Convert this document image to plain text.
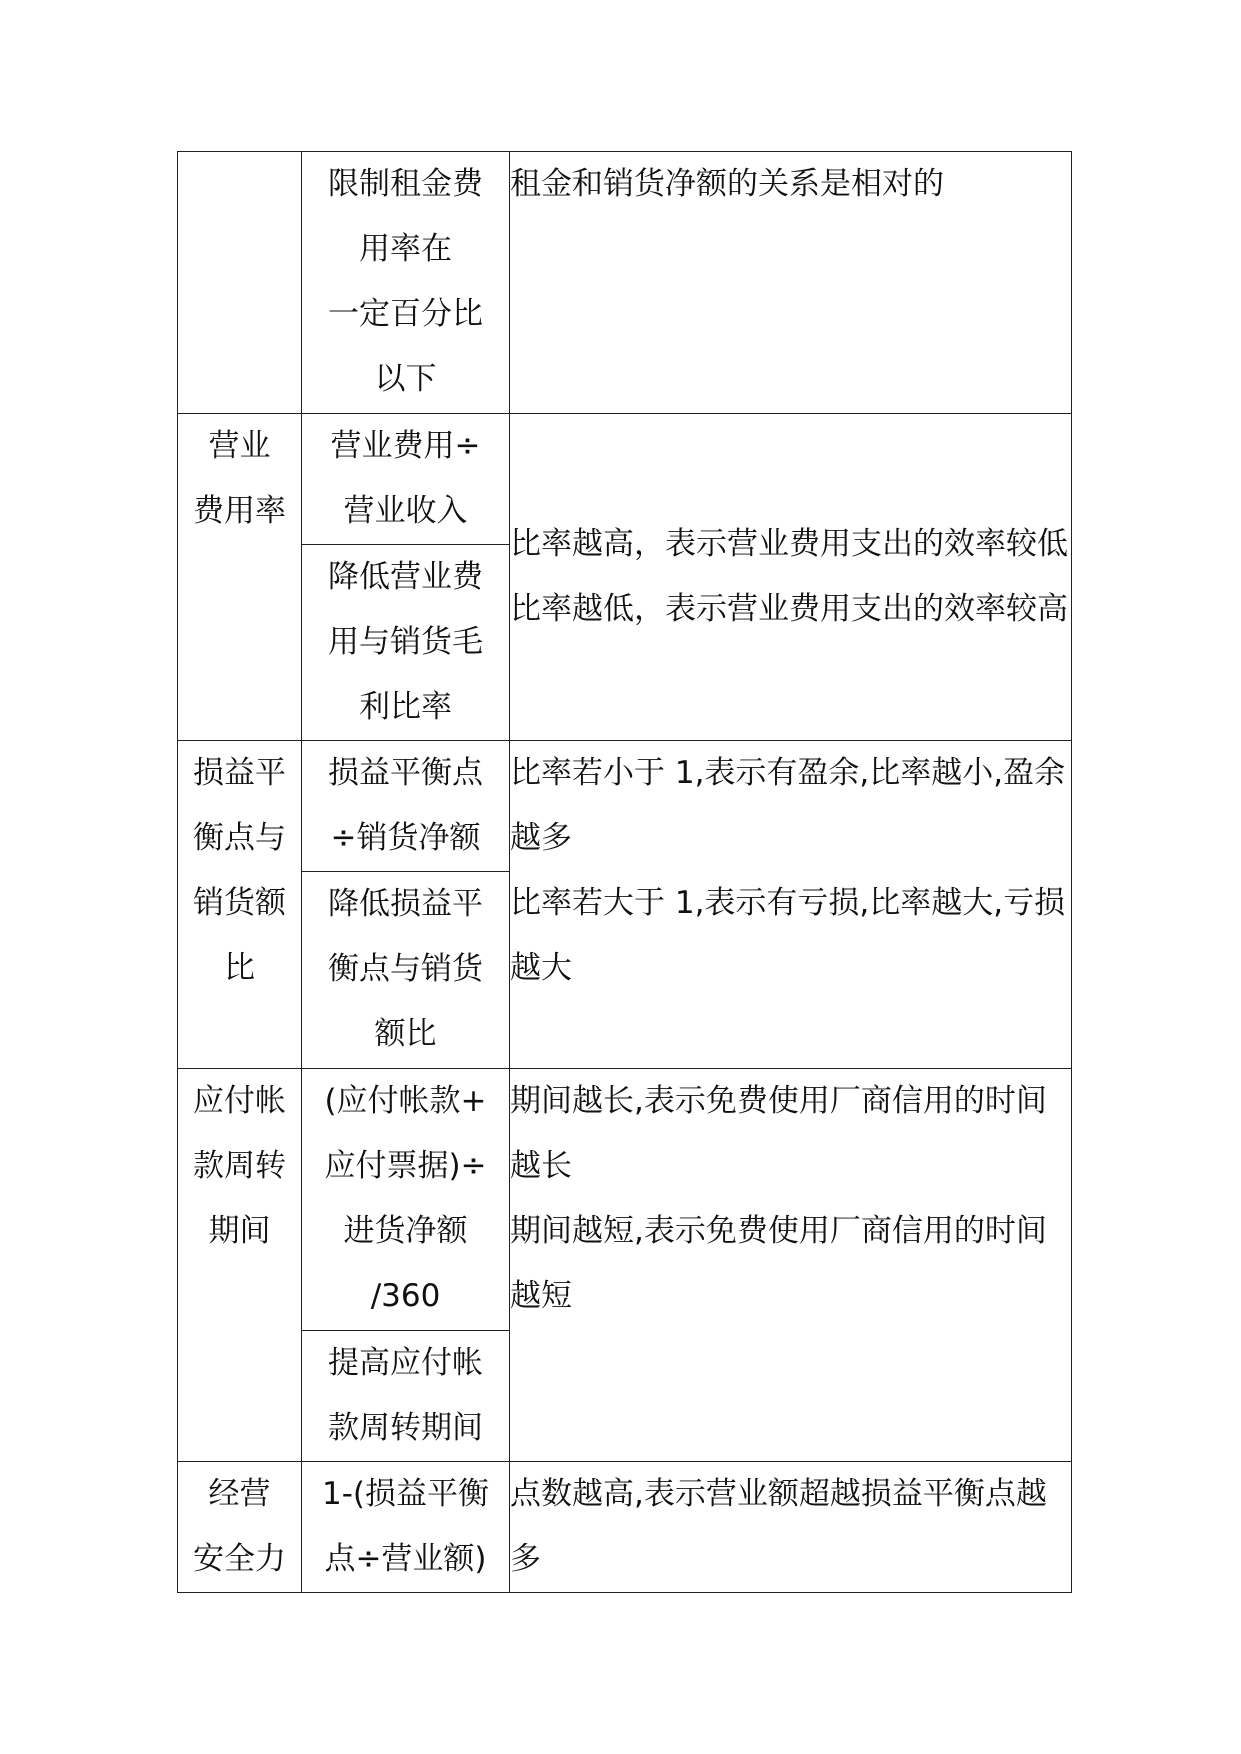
	限制租金费
用率在
一定百分比
以下	租金和销货净额的关系是相对的
营业
费用率	营业费用÷
营业收入	比率越高，表示营业费用支出的效率较低
比率越低，表示营业费用支出的效率较高
	降低营业费
用与销货毛
利比率	
损益平
衡点与
销货额
比	损益平衡点
÷销货净额	比率若小于 1,表示有盈余,比率越小,盈余越多
比率若大于 1,表示有亏损,比率越大,亏损越大
	降低损益平
衡点与销货
额比	
应付帐
款周转
期间	(应付帐款+
应付票据)÷
进货净额
/360	期间越长,表示免费使用厂商信用的时间越长
期间越短,表示免费使用厂商信用的时间越短
	提高应付帐
款周转期间	
经营
安全力	1-(损益平衡
点÷营业额)	点数越高,表示营业额超越损益平衡点越多
